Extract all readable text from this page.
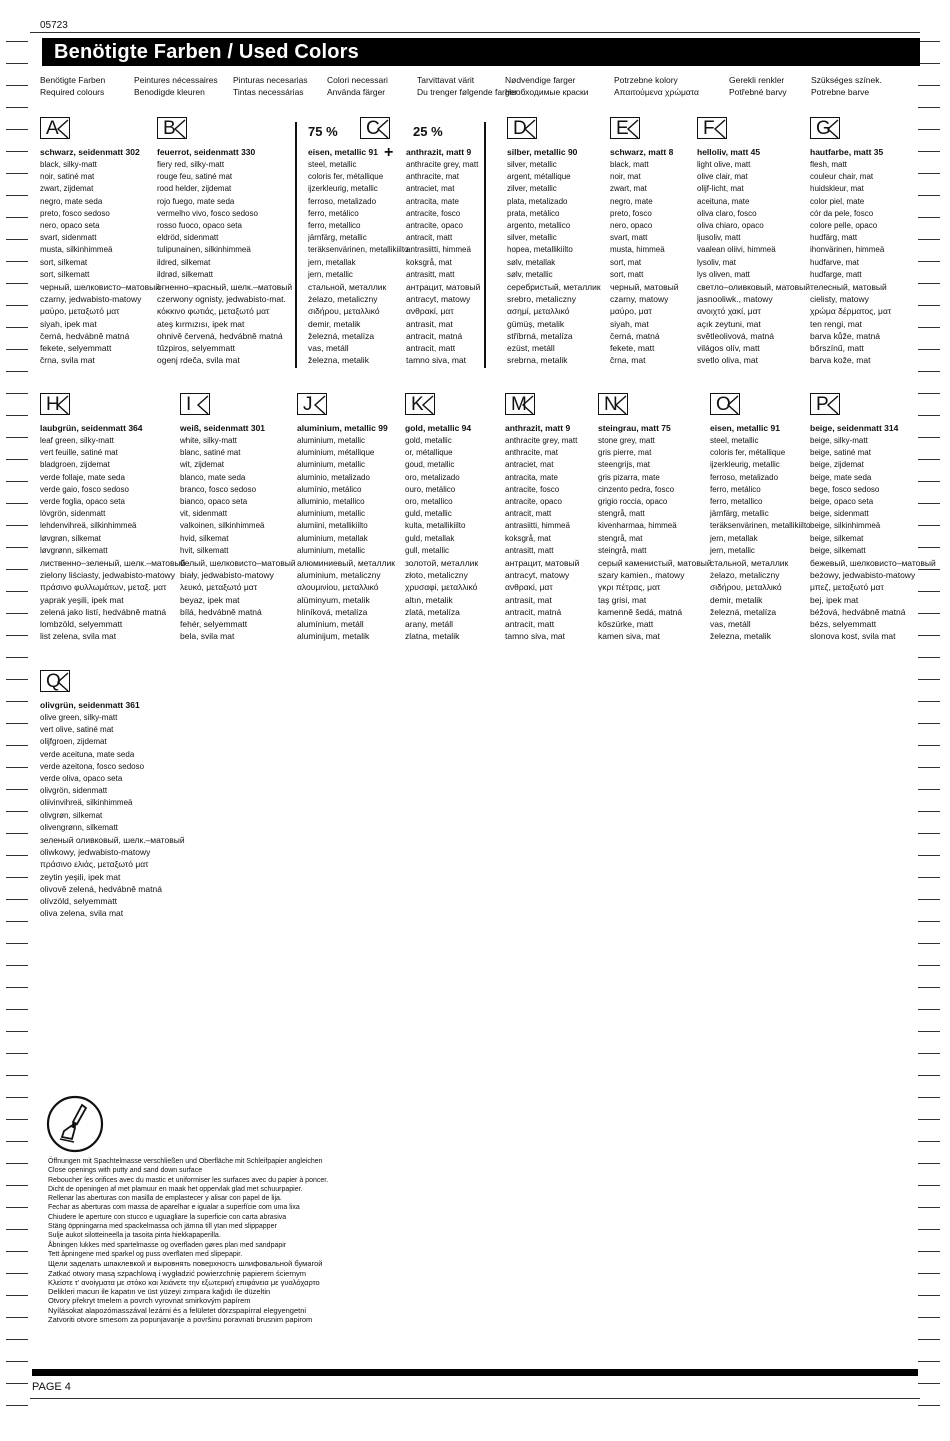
05723
Benötigte Farben / Used Colors
Benötigte Farben
Required colours
Peintures nécessaires
Benodigde kleuren
Pinturas necesarias
Tintas necessárias
Colori necessari
Använda färger
Tarvittavat värit
Du trenger følgende farger
Nødvendige farger
Необходимые краски
Potrzebne kolory
Απαιτούμενα χρώματα
Gerekli renkler
Potřebné barvy
Szükséges színek.
Potrebne barve
75 %
+
25 %
A
schwarz, seidenmatt 302
black, silky-matt
noir, satiné mat
zwart, zijdemat
negro, mate seda
preto, fosco sedoso
nero, opaco seta
svart, sidenmatt
musta, silkinhimmeä
sort, silkemat
sort, silkematt
черный, шелковисто–матовый
czarny, jedwabisto-matowy
μαύρο, μεταξωτό ματ
siyah, ipek mat
černá, hedvábně matná
fekete, selyemmatt
črna, svila mat
B
feuerrot, seidenmatt 330
fiery red, silky-matt
rouge feu, satiné mat
rood helder, zijdemat
rojo fuego, mate seda
vermelho vivo, fosco sedoso
rosso fuoco, opaco seta
eldröd, sidenmatt
tulipunainen, silkinhimmeä
ildred, silkemat
ildrød, silkematt
огненно–красный, шелк.–матовый
czerwony ognisty, jedwabisto-mat.
κόκκινο φωτιάς, μεταξωτό ματ
ateş kırmızısı, ipek mat
ohnivě červená, hedvábně matná
tűzpiros, selyemmatt
ogenj rdeča, svila mat
C
eisen, metallic 91
steel, metallic
coloris fer, métallique
ijzerkleurig, metallic
ferroso, metalizado
ferro, metálico
ferro, metallico
järnfärg, metallic
teräksenvärinen, metallikiilto
jern, metallak
jern, metallic
стальной, металлик
żelazo, metaliczny
σιδήρου, μεταλλικό
demir, metalik
železná, metalíza
vas, metáll
železna, metalik
anthrazit, matt 9
anthracite grey, matt
anthracite, mat
antraciet, mat
antracita, mate
antracite, fosco
antracite, opaco
antracit, matt
antrasiitti, himmeä
koksgrå, mat
antrasitt, matt
антрацит, матовый
antracyt, matowy
ανθρακί, ματ
antrasit, mat
antracit, matná
antracit, matt
tamno siva, mat
D
silber, metallic 90
silver, metallic
argent, métallique
zilver, metallic
plata, metalizado
prata, metálico
argento, metallico
silver, metallic
hopea, metallikiilto
sølv, metallak
sølv, metallic
серебристый, металлик
srebro, metaliczny
ασημί, μεταλλικό
gümüş, metalik
stříbrná, metalíza
ezüst, metáll
srebrna, metalik
E
schwarz, matt 8
black, matt
noir, mat
zwart, mat
negro, mate
preto, fosco
nero, opaco
svart, matt
musta, himmeä
sort, mat
sort, matt
черный, матовый
czarny, matowy
μαύρο, ματ
siyah, mat
černá, matná
fekete, matt
črna, mat
F
helloliv, matt 45
light olive, matt
olive clair, mat
olijf-licht, mat
aceituna, mate
oliva claro, fosco
oliva chiaro, opaco
ljusoliv, matt
vaalean oliivi, himmeä
lysoliv, mat
lys oliven, matt
светло–оливковый, матовый
jasnooliwk., matowy
ανοιχτό χακί, ματ
açık zeytuni, mat
světleolivová, matná
világos olív, matt
svetlo oliva, mat
G
hautfarbe, matt 35
flesh, matt
couleur chair, mat
huidskleur, mat
color piel, mate
cór da pele, fosco
colore pelle, opaco
hudfärg, matt
ihonvärinen, himmeä
hudfarve, mat
hudfarge, matt
телесный, матовый
cielisty, matowy
χρώμα δέρματος, ματ
ten rengi, mat
barva kůže, matná
bőrszínű, matt
barva kože, mat
H
laubgrün, seidenmatt 364
leaf green, silky-matt
vert feuille, satiné mat
bladgroen, zijdemat
verde follaje, mate seda
verde gaio, fosco sedoso
verde foglia, opaco seta
lövgrön, sidenmatt
lehdenvihreä, silkinhimmeä
løvgrøn, silkemat
løvgrønn, silkematt
лиственно–зеленый, шелк.–матовый
zielony liściasty, jedwabisto-matowy
πράσινο φυλλωμάτων, μεταξ. ματ
yaprak yeşili, ipek mat
zelená jako listí, hedvábně matná
lombzöld, selyemmatt
list zelena, svila mat
I
weiß, seidenmatt 301
white, silky-matt
blanc, satiné mat
wit, zijdemat
blanco, mate seda
branco, fosco sedoso
bianco, opaco seta
vit, sidenmatt
valkoinen, silkinhimmeä
hvid, silkemat
hvit, silkematt
белый, шелковисто–матовый
biały, jedwabisto-matowy
λευκό, μεταξωτό ματ
beyaz, ipek mat
bílá, hedvábně matná
fehér, selyemmatt
bela, svila mat
J
aluminium, metallic 99
aluminium, metallic
aluminium, métallique
aluminium, metallic
aluminio, metalizado
alumínio, metálico
alluminio, metallico
aluminium, metallic
alumiini, metallikiilto
aluminium, metallak
aluminium, metallic
алюминиевый, металлик
aluminium, metaliczny
αλουμινίου, μεταλλικό
alüminyum, metalik
hliníková, metalíza
alumínium, metáll
aluminijum, metalik
K
gold, metallic 94
gold, metallic
or, métallique
goud, metallic
oro, metalizado
ouro, metálico
oro, metallico
guld, metallic
kulta, metallikiilto
guld, metallak
gull, metallic
золотой, металлик
złoto, metaliczny
χρυσαφί, μεταλλικό
altın, metalik
zlatá, metalíza
arany, metáll
zlatna, metalik
M
anthrazit, matt 9
anthracite grey, matt
anthracite, mat
antraciet, mat
antracita, mate
antracite, fosco
antracite, opaco
antracit, matt
antrasiitti, himmeä
koksgrå, mat
antrasitt, matt
антрацит, матовый
antracyt, matowy
ανθρακί, ματ
antrasit, mat
antracit, matná
antracit, matt
tamno siva, mat
N
steingrau, matt 75
stone grey, matt
gris pierre, mat
steengrijs, mat
gris pizarra, mate
cinzento pedra, fosco
grigio roccia, opaco
stengrå, matt
kivenharmaa, himmeä
stengrå, mat
steingrå, matt
серый каменистый, матовый
szary kamien., matowy
γκρι πέτρας, ματ
taş grisi, mat
kamenně šedá, matná
kőszürke, matt
kamen siva, mat
O
eisen, metallic 91
steel, metallic
coloris fer, métallique
ijzerkleurig, metallic
ferroso, metalizado
ferro, metálico
ferro, metallico
järnfärg, metallic
teräksenvärinen, metallikiilto
jern, metallak
jern, metallic
стальной, металлик
żelazo, metaliczny
σιδήρου, μεταλλικό
demir, metalik
železná, metalíza
vas, metáll
železna, metalik
P
beige, seidenmatt 314
beige, silky-matt
beige, satiné mat
beige, zijdemat
beige, mate seda
bege, fosco sedoso
beige, opaco seta
beige, sidenmatt
beige, silkinhimmeä
beige, silkemat
beige, silkematt
бежевый, шелковисто–матовый
beżowy, jedwabisto-matowy
μπεζ, μεταξωτό ματ
bej, ipek mat
béžová, hedvábně matná
bézs, selyemmatt
slonova kost, svila mat
Q
olivgrün, seidenmatt 361
olive green, silky-matt
vert olive, satiné mat
olijfgroen, zijdemat
verde aceituna, mate seda
verde azeitona, fosco sedoso
verde oliva, opaco seta
olivgrön, sidenmatt
oliivinvihreä, silkinhimmeä
olivgrøn, silkemat
olivengrønn, silkematt
зеленый оливковый, шелк.–матовый
oliwkowy, jedwabisto-matowy
πράσινο ελιάς, μεταξωτό ματ
zeytin yeşili, ipek mat
olivově zelená, hedvábně matná
olívzöld, selyemmatt
oliva zelena, svila mat
Öffnungen mit Spachtelmasse verschließen und Oberfläche mit Schleifpapier angleichen
Close openings with putty and sand down surface
Reboucher les orifices avec du mastic et uniformiser les surfaces avec du papier à poncer.
Dicht de openingen af met plamuur en maak het oppervlak glad met schuurpapier.
Rellenar las aberturas con masilla de emplastecer y alisar con papel de lija.
Fechar as aberturas com massa de aparelhar e igualar a superfície com uma lixa
Chiudere le aperture con stucco e uguagliare la superficie con carta abrasiva
Stäng öppningarna med spackelmassa och jämna till ytan med slippapper
Sulje aukot silotteineella ja tasoita pinta hiekkapaperilla.
Åbningen lukkes med spartelmasse og overfladen gøres plan med sandpapir
Tett åpningene med sparkel og puss overflaten med slipepapir.
Щели заделать шпаклевкой и выровнять поверхность шлифовальной бумагой
Zatkać otwory masą szpachlową i wygładzić powierzchnię papierem ściernym
Κλείστε τ' ανοίγματα με στόκο και λειάνετε την εξωτερική επιφάνεια με γυαλόχαρτο
Delikleri macun ile kapatın ve üst yüzeyi zımpara kağıdı ile düzeltin
Otvory překryt tmelem a povrch vyrovnat smirkovým papírem
Nyílásokat alapozómasszával lezárni és a felületet dörzspapírral elegyengetni
Zatvoriti otvore smesom za popunjavanje a površinu poravnati brusnim papirom
PAGE 4
